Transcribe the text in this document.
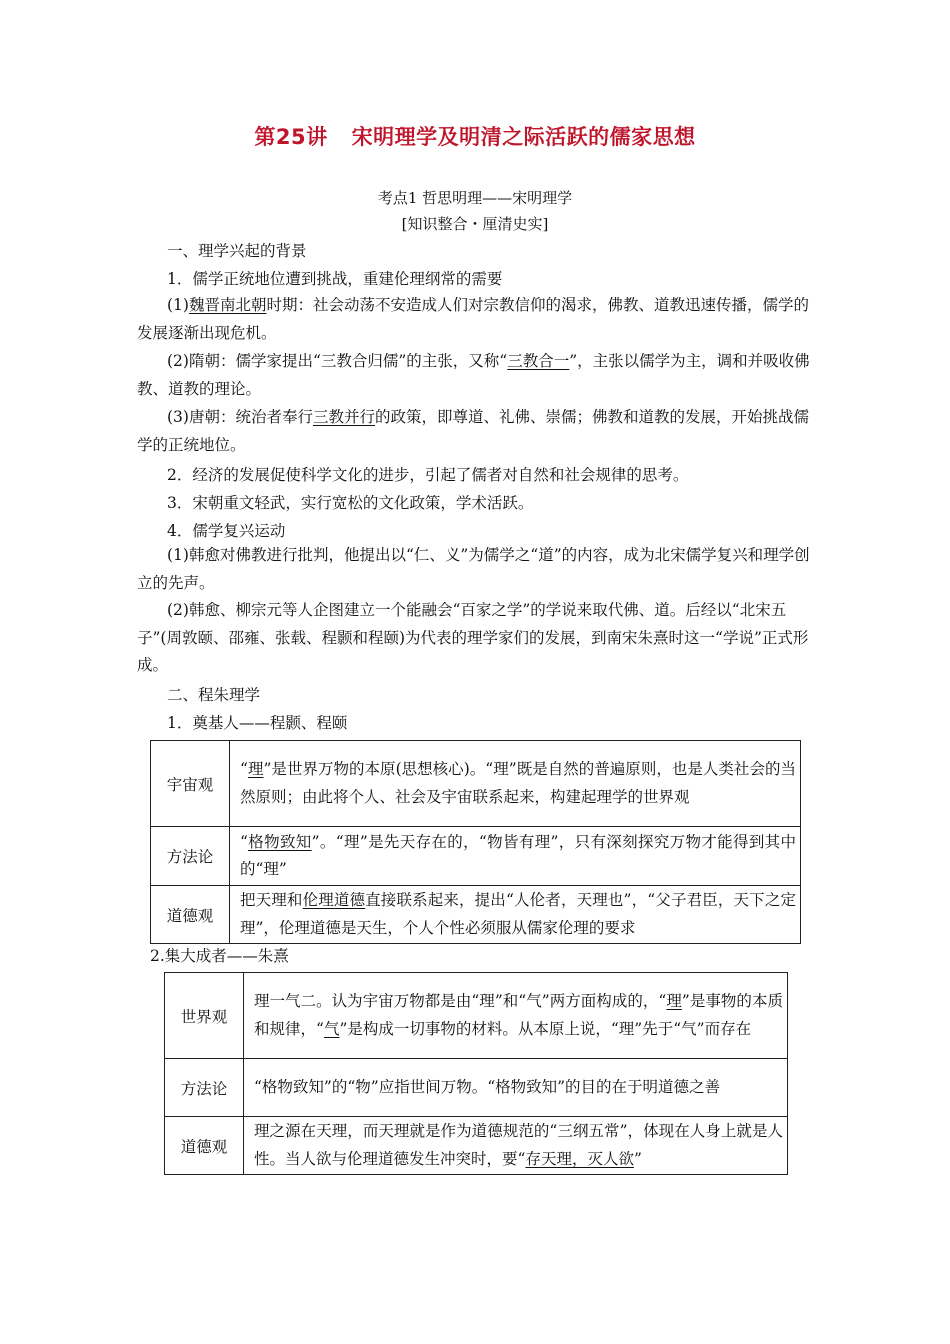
第25讲 宋明理学及明清之际活跃的儒家思想
考点1 哲思明理——宋明理学
[知识整合・厘清史实]
一、理学兴起的背景
1．儒学正统地位遭到挑战，重建伦理纲常的需要
(1)魏晋南北朝时期：社会动荡不安造成人们对宗教信仰的渴求，佛教、道教迅速传播，儒学的发展逐渐出现危机。
(2)隋朝：儒学家提出“三教合归儒”的主张，又称“三教合一”，主张以儒学为主，调和并吸收佛教、道教的理论。
(3)唐朝：统治者奉行三教并行的政策，即尊道、礼佛、崇儒；佛教和道教的发展，开始挑战儒学的正统地位。
2．经济的发展促使科学文化的进步，引起了儒者对自然和社会规律的思考。
3．宋朝重文轻武，实行宽松的文化政策，学术活跃。
4．儒学复兴运动
(1)韩愈对佛教进行批判，他提出以“仁、义”为儒学之“道”的内容，成为北宋儒学复兴和理学创立的先声。
(2)韩愈、柳宗元等人企图建立一个能融会“百家之学”的学说来取代佛、道。后经以“北宋五子”(周敦颐、邵雍、张载、程颢和程颐)为代表的理学家们的发展，到南宋朱熹时这一“学说”正式形成。
二、程朱理学
1．奠基人——程颢、程颐
宇宙观	“理”是世界万物的本原(思想核心)。“理”既是自然的普遍原则，也是人类社会的当然原则；由此将个人、社会及宇宙联系起来，构建起理学的世界观
方法论	“格物致知”。“理”是先天存在的，“物皆有理”，只有深刻探究万物才能得到其中的“理”
道德观	把天理和伦理道德直接联系起来，提出“人伦者，天理也”，“父子君臣，天下之定理”，伦理道德是天生，个人个性必须服从儒家伦理的要求
2.集大成者——朱熹
世界观	理一气二。认为宇宙万物都是由“理”和“气”两方面构成的，“理”是事物的本质和规律，“气”是构成一切事物的材料。从本原上说，“理”先于“气”而存在
方法论	“格物致知”的“物”应指世间万物。“格物致知”的目的在于明道德之善
道德观	理之源在天理，而天理就是作为道德规范的“三纲五常”，体现在人身上就是人性。当人欲与伦理道德发生冲突时，要“存天理，灭人欲”
